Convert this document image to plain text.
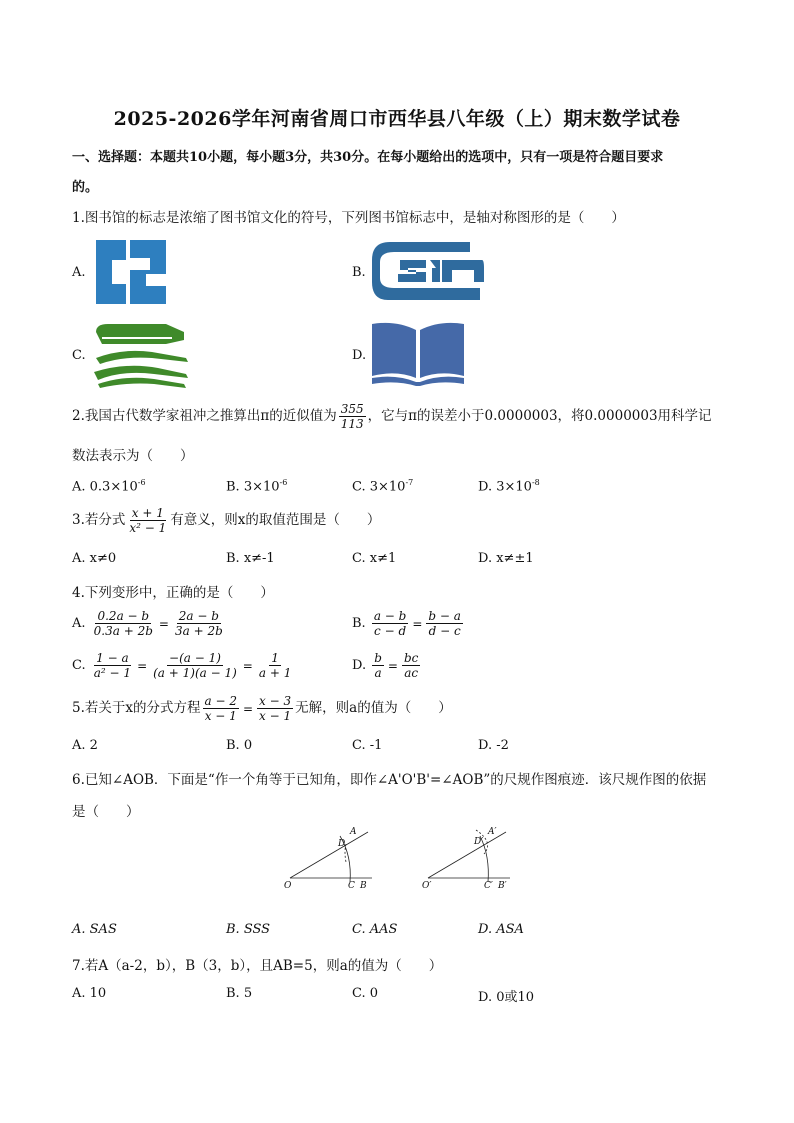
2025-2026学年河南省周口市西华县八年级（上）期末数学试卷
一、选择题：本题共10小题，每小题3分，共30分。在每小题给出的选项中，只有一项是符合题目要求
的。
1.图书馆的标志是浓缩了图书馆文化的符号，下列图书馆标志中，是轴对称图形的是（　　）
A.	B.
C.	D.
2.我国古代数学家祖冲之推算出π的近似值为 $\frac{355}{113}$ ，它与π的误差小于0.0000003，将0.0000003用科学记
数法表示为（　　）
A. $0.3\times 10^{-6}$	B. $3\times 10^{-6}$	C. $3\times 10^{-7}$	D. $3\times 10^{-8}$
3.若分式 $\frac{x + 1}{\text{x² − 1}}$ 有意义，则x的取值范围是（　　）
A. x≠0	B. x≠-1	C. x≠1	D. x≠±1
4.下列变形中，正确的是（　　）
A. $\frac{0.2a - b}{0.3a + 2b} = \frac{2a - b}{3a + 2b}$	B. $\frac{a - b}{c - d} = \frac{b - a}{d - c}$
C. $\frac{1 - a}{\text{a² − 1}} = \frac{-(a - 1)}{(a + 1)(a - 1)} = \frac{1}{a + 1}$	D. $\frac{b}{a} = \frac{bc}{ac}$
5.若关于x的分式方程 $\frac{a - 2}{x - 1} = \frac{x - 3}{x - 1}$ 无解，则a的值为（　　）
A. 2	B. 0	C. -1	D. -2
6.已知∠AOB．下面是“作一个角等于已知角，即作∠A'O'B'=∠AOB”的尺规作图痕迹．该尺规作图的依据
是（　　）
O
A
D
C B	O′
A′
D′
C′ B′
A. SAS	B. SSS	C. AAS	D. ASA
7.若A（a-2，b），B（3，b），且AB=5，则a的值为（　　）
A. 10	B. 5	C. 0	D. 0或10
